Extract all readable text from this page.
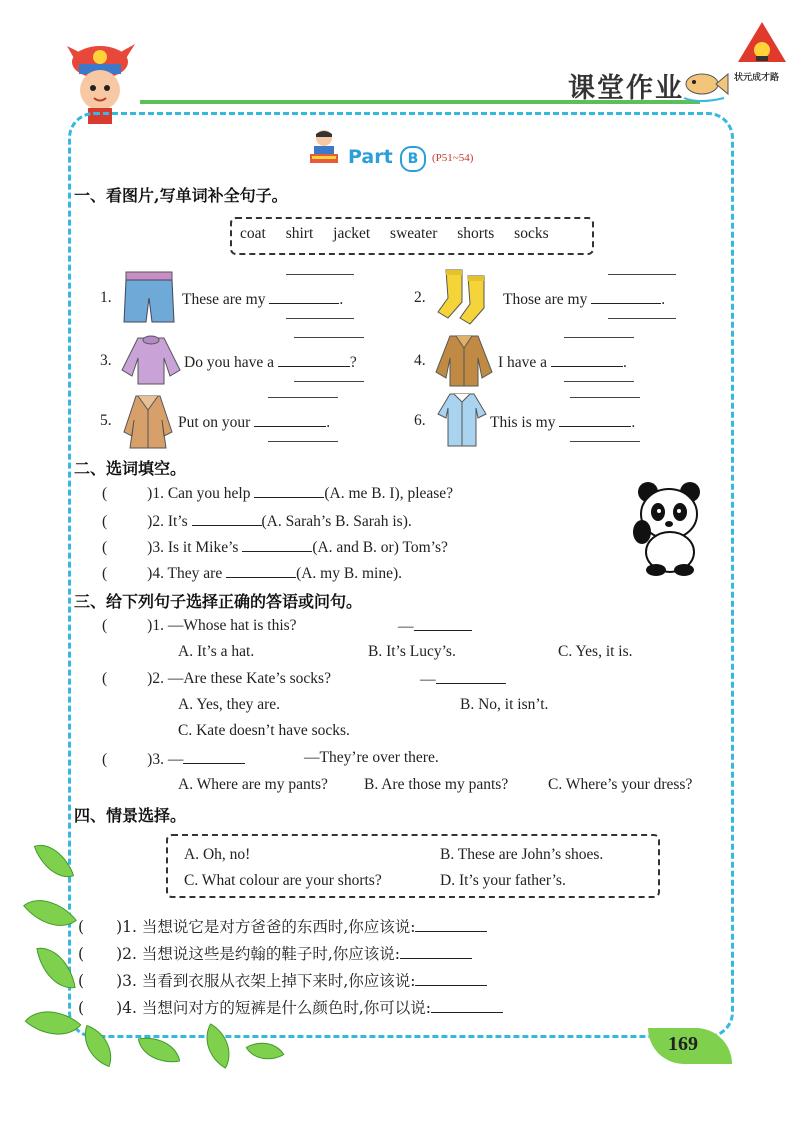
课堂作业	状元成才路
Part	B	(P51~54)
一、看图片,写单词补全句子。
coat shirt jacket sweater shorts socks
1.	These are my	.	2.	Those are my	.
3.	Do you have a	?	4.	I have a	.
5.	Put on your	.	6.	This is my	.
二、选词填空。
(	)1. Can you help	(A. me B. I), please?
(	)2. It’s	(A. Sarah’s B. Sarah is).
(	)3. Is it Mike’s	(A. and B. or) Tom’s?
(	)4. They are	(A. my B. mine).
三、给下列句子选择正确的答语或问句。
(	)1. —Whose hat is this?	—
A. It’s a hat.	B. It’s Lucy’s.	C. Yes, it is.
(	)2. —Are these Kate’s socks?	—
A. Yes, they are.	B. No, it isn’t.
C. Kate doesn’t have socks.
(	)3. —	—They’re over there.
A. Where are my pants? B. Are those my pants?	C. Where’s your dress?
四、情景选择。
A. Oh, no!	B. These are John’s shoes.
C. What colour are your shorts?	D. It’s your father’s.
( )1. 当想说它是对方爸爸的东西时,你应该说:
( )2. 当想说这些是约翰的鞋子时,你应该说:
( )3. 当看到衣服从衣架上掉下来时,你应该说:
( )4. 当想问对方的短裤是什么颜色时,你可以说:
169
